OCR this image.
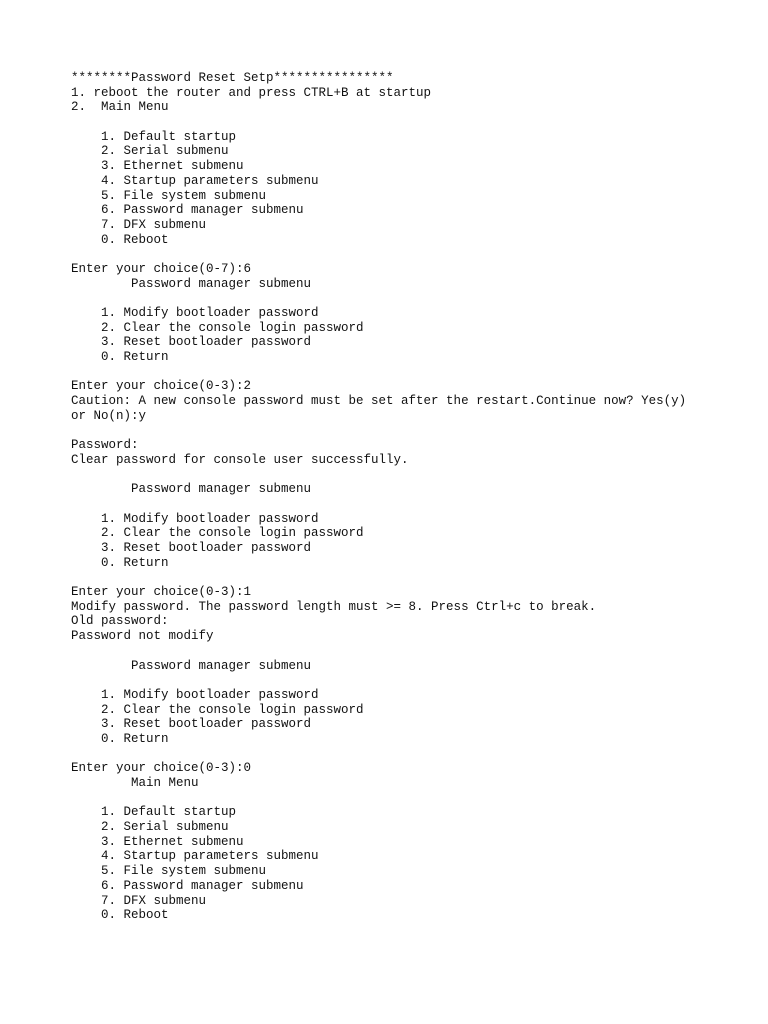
********Password Reset Setp****************
1. reboot the router and press CTRL+B at startup
2.  Main Menu
1. Default startup
2. Serial submenu
3. Ethernet submenu
4. Startup parameters submenu
5. File system submenu
6. Password manager submenu
7. DFX submenu
0. Reboot
Enter your choice(0-7):6
Password manager submenu
1. Modify bootloader password
2. Clear the console login password
3. Reset bootloader password
0. Return
Enter your choice(0-3):2
Caution: A new console password must be set after the restart.Continue now? Yes(y)
or No(n):y
Password:
Clear password for console user successfully.
Password manager submenu
1. Modify bootloader password
2. Clear the console login password
3. Reset bootloader password
0. Return
Enter your choice(0-3):1
Modify password. The password length must >= 8. Press Ctrl+c to break.
Old password:
Password not modify
Password manager submenu
1. Modify bootloader password
2. Clear the console login password
3. Reset bootloader password
0. Return
Enter your choice(0-3):0
Main Menu
1. Default startup
2. Serial submenu
3. Ethernet submenu
4. Startup parameters submenu
5. File system submenu
6. Password manager submenu
7. DFX submenu
0. Reboot
